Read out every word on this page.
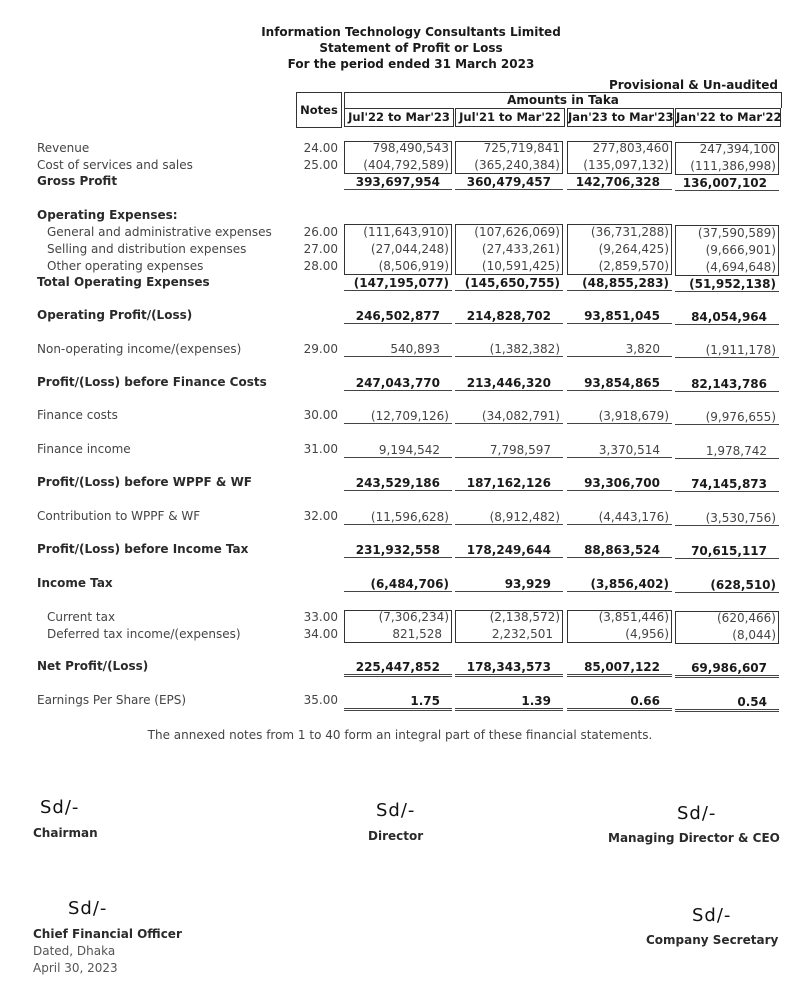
Information Technology Consultants Limited
Statement of Profit or Loss
For the period ended 31 March 2023
Provisional & Un-audited
Notes
Amounts in Taka
Jul'22 to Mar'23 Jul'21 to Mar'22 Jan'23 to Mar'23 Jan'22 to Mar'22
Revenue	24.00	798,490,543	725,719,841	277,803,460	247,394,100
Cost of services and sales	25.00	(404,792,589)	(365,240,384)	(135,097,132)	(111,386,998)
Gross Profit	393,697,954	360,479,457	142,706,328	136,007,102
Operating Expenses:
General and administrative expenses	26.00	(111,643,910)	(107,626,069)	(36,731,288)	(37,590,589)
Selling and distribution expenses	27.00	(27,044,248)	(27,433,261)	(9,264,425)	(9,666,901)
Other operating expenses	28.00	(8,506,919)	(10,591,425)	(2,859,570)	(4,694,648)
Total Operating Expenses	(147,195,077)	(145,650,755)	(48,855,283)	(51,952,138)
Operating Profit/(Loss)	246,502,877	214,828,702	93,851,045	84,054,964
Non-operating income/(expenses)	29.00	540,893	(1,382,382)	3,820	(1,911,178)
Profit/(Loss) before Finance Costs	247,043,770	213,446,320	93,854,865	82,143,786
Finance costs	30.00	(12,709,126)	(34,082,791)	(3,918,679)	(9,976,655)
Finance income	31.00	9,194,542	7,798,597	3,370,514	1,978,742
Profit/(Loss) before WPPF & WF	243,529,186	187,162,126	93,306,700	74,145,873
Contribution to WPPF & WF	32.00	(11,596,628)	(8,912,482)	(4,443,176)	(3,530,756)
Profit/(Loss) before Income Tax	231,932,558	178,249,644	88,863,524	70,615,117
Income Tax	(6,484,706)	93,929	(3,856,402)	(628,510)
Current tax	33.00	(7,306,234)	(2,138,572)	(3,851,446)	(620,466)
Deferred tax income/(expenses)	34.00	821,528	2,232,501	(4,956)	(8,044)
Net Profit/(Loss)	225,447,852	178,343,573	85,007,122	69,986,607
Earnings Per Share (EPS)	35.00	1.75	1.39	0.66	0.54
The annexed notes from 1 to 40 form an integral part of these financial statements.
Sd/-
Chairman
Sd/-
Director
Sd/-
Managing Director & CEO
Sd/-
Chief Financial Officer
Dated, Dhaka
April 30, 2023
Sd/-
Company Secretary
